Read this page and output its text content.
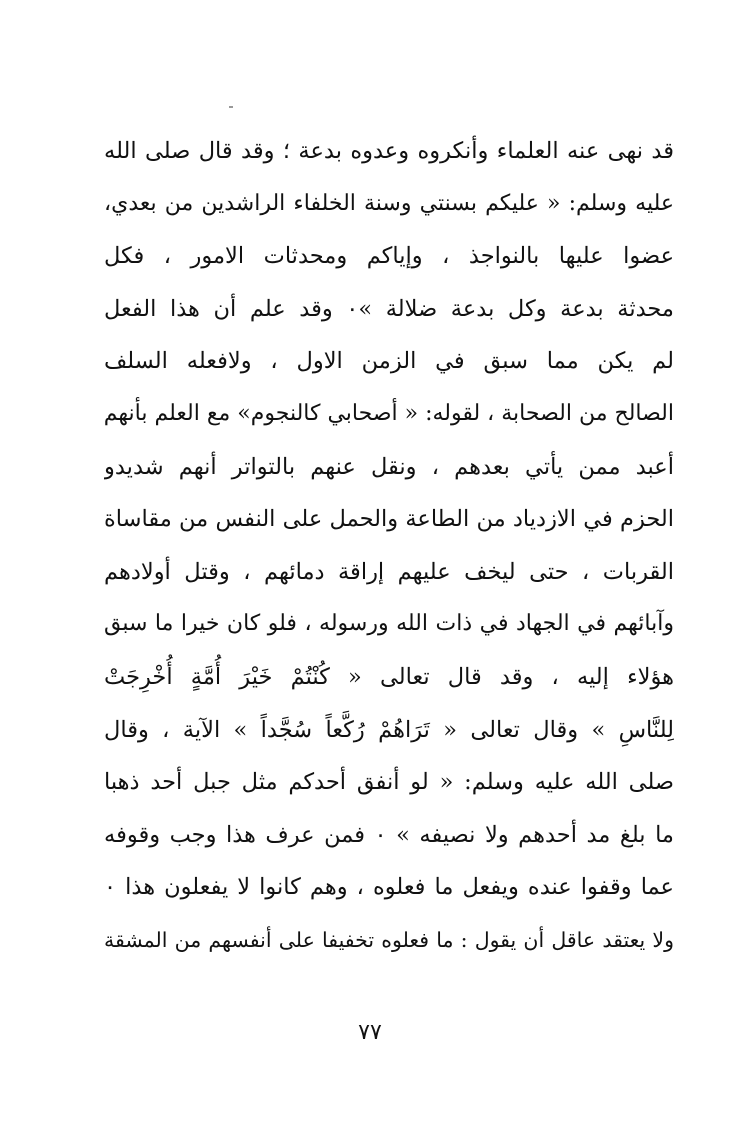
قد نهى عنه العلماء وأنكروه وعدوه بدعة ؛ وقد قال صلى الله
عليه وسلم: « عليكم بسنتي وسنة الخلفاء الراشدين من بعدي،
عضوا عليها بالنواجذ ، وإياكم ومحدثات الامور ، فكل
محدثة بدعة وكل بدعة ضلالة »٠ وقد علم أن هذا الفعل
لم يكن مما سبق في الزمن الاول ، ولافعله السلف
الصالح من الصحابة ، لقوله: « أصحابي كالنجوم» مع العلم بأنهم
أعبد ممن يأتي بعدهم ، ونقل عنهم بالتواتر أنهم شديدو
الحزم في الازدياد من الطاعة والحمل على النفس من مقاساة
القربات ، حتى ليخف عليهم إراقة دمائهم ، وقتل أولادهم
وآبائهم في الجهاد في ذات الله ورسوله ، فلو كان خيرا ما سبق
هؤلاء إليه ، وقد قال تعالى « كُنْتُمْ خَيْرَ أُمَّةٍ أُخْرِجَتْ
لِلنَّاسِ » وقال تعالى « تَرَاهُمْ رُكَّعاً سُجَّداً » الآية ، وقال
صلى الله عليه وسلم: « لو أنفق أحدكم مثل جبل أحد ذهبا
ما بلغ مد أحدهم ولا نصيفه » ٠ فمن عرف هذا وجب وقوفه
عما وقفوا عنده ويفعل ما فعلوه ، وهم كانوا لا يفعلون هذا ٠
ولا يعتقد عاقل أن يقول : ما فعلوه تخفيفا على أنفسهم من المشقة
٧٧
